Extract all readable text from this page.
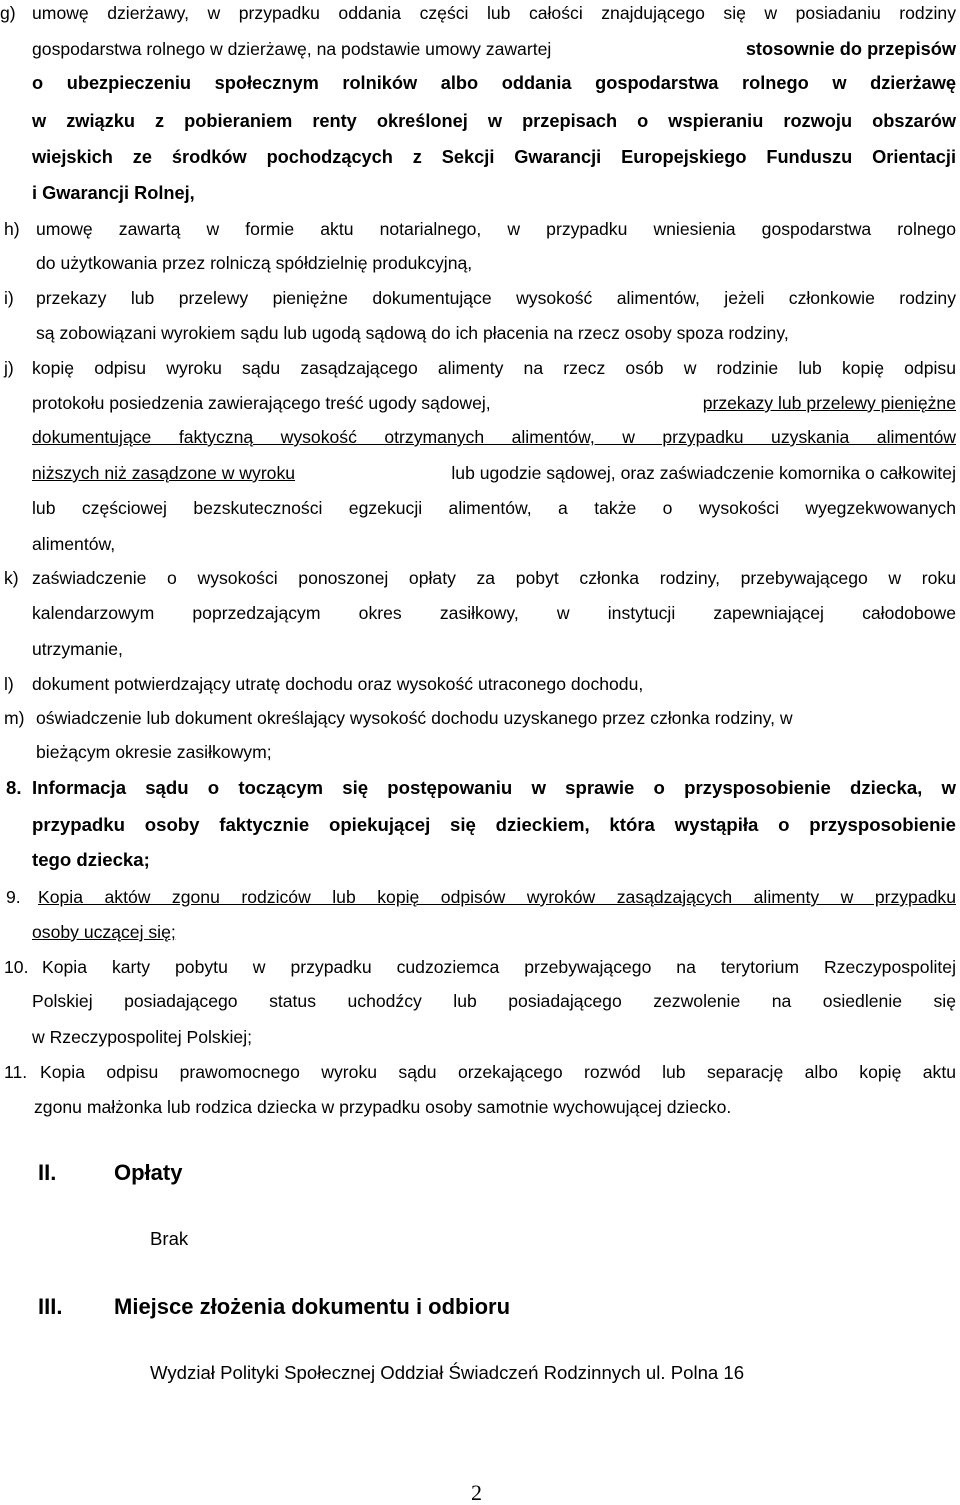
g) umowę dzierżawy, w przypadku oddania części lub całości znajdującego się w posiadaniu rodziny
gospodarstwa rolnego w dzierżawę, na podstawie umowy zawartej	stosownie do przepisów
o ubezpieczeniu społecznym rolników albo oddania gospodarstwa rolnego w dzierżawę
w związku z pobieraniem renty określonej w przepisach o wspieraniu rozwoju obszarów
wiejskich ze środków pochodzących z Sekcji Gwarancji Europejskiego Funduszu Orientacji
i Gwarancji Rolnej,
h) umowę zawartą w formie aktu notarialnego, w przypadku wniesienia gospodarstwa rolnego
do użytkowania przez rolniczą spółdzielnię produkcyjną,
i) przekazy lub przelewy pieniężne dokumentujące wysokość alimentów, jeżeli członkowie rodziny
są zobowiązani wyrokiem sądu lub ugodą sądową do ich płacenia na rzecz osoby spoza rodziny,
j) kopię odpisu wyroku sądu zasądzającego alimenty na rzecz osób w rodzinie lub kopię odpisu
protokołu posiedzenia zawierającego treść ugody sądowej,	przekazy lub przelewy pieniężne
dokumentujące faktyczną wysokość otrzymanych alimentów, w przypadku uzyskania alimentów
niższych niż zasądzone w wyroku	lub ugodzie sądowej, oraz zaświadczenie komornika o całkowitej
lub częściowej bezskuteczności egzekucji alimentów, a także o wysokości wyegzekwowanych
alimentów,
k) zaświadczenie o wysokości ponoszonej opłaty za pobyt członka rodziny, przebywającego w roku
kalendarzowym poprzedzającym okres zasiłkowy, w instytucji zapewniającej całodobowe
utrzymanie,
l) dokument potwierdzający utratę dochodu oraz wysokość utraconego dochodu,
m) oświadczenie lub dokument określający wysokość dochodu uzyskanego przez członka rodziny, w
bieżącym okresie zasiłkowym;
8. Informacja sądu o toczącym się postępowaniu w sprawie o przysposobienie dziecka, w
przypadku osoby faktycznie opiekującej się dzieckiem, która wystąpiła o przysposobienie
tego dziecka;
9. Kopia aktów zgonu rodziców lub kopię odpisów wyroków zasądzających alimenty w przypadku
osoby uczącej się;
10. Kopia karty pobytu w przypadku cudzoziemca przebywającego na terytorium Rzeczypospolitej
Polskiej posiadającego status uchodźcy lub posiadającego zezwolenie na osiedlenie się
w Rzeczypospolitej Polskiej;
11. Kopia odpisu prawomocnego wyroku sądu orzekającego rozwód lub separację albo kopię aktu
zgonu małżonka lub rodzica dziecka w przypadku osoby samotnie wychowującej dziecko.
II.	Opłaty
Brak
III. Miejsce złożenia dokumentu i odbioru
Wydział Polityki Społecznej Oddział Świadczeń Rodzinnych ul. Polna 16
2
